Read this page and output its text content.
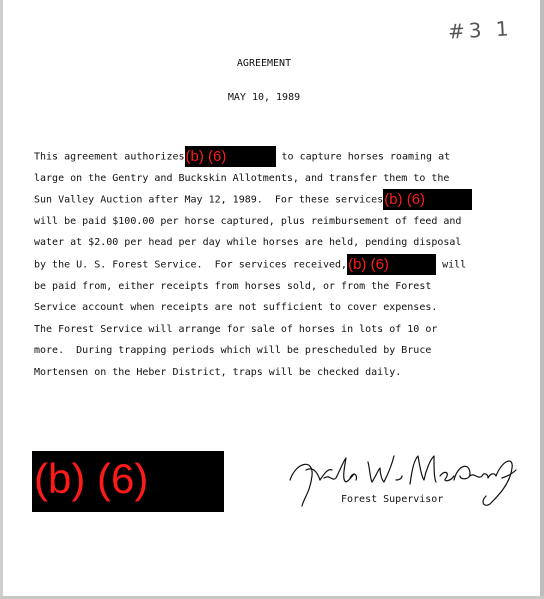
#3 1
AGREEMENT
MAY 10, 1989
This agreement authorizes(b) (6)	to capture horses roaming at
large on the Gentry and Buckskin Allotments, and transfer them to the
Sun Valley Auction after May 12, 1989.  For these services(b) (6)
will be paid $100.00 per horse captured, plus reimbursement of feed and
water at $2.00 per head per day while horses are held, pending disposal
by the U. S. Forest Service.  For services received,(b) (6)	will
be paid from, either receipts from horses sold, or from the Forest
Service account when receipts are not sufficient to cover expenses.
The Forest Service will arrange for sale of horses in lots of 10 or
more.  During trapping periods which will be prescheduled by Bruce
Mortensen on the Heber District, traps will be checked daily.
(b) (6)	Forest Supervisor
